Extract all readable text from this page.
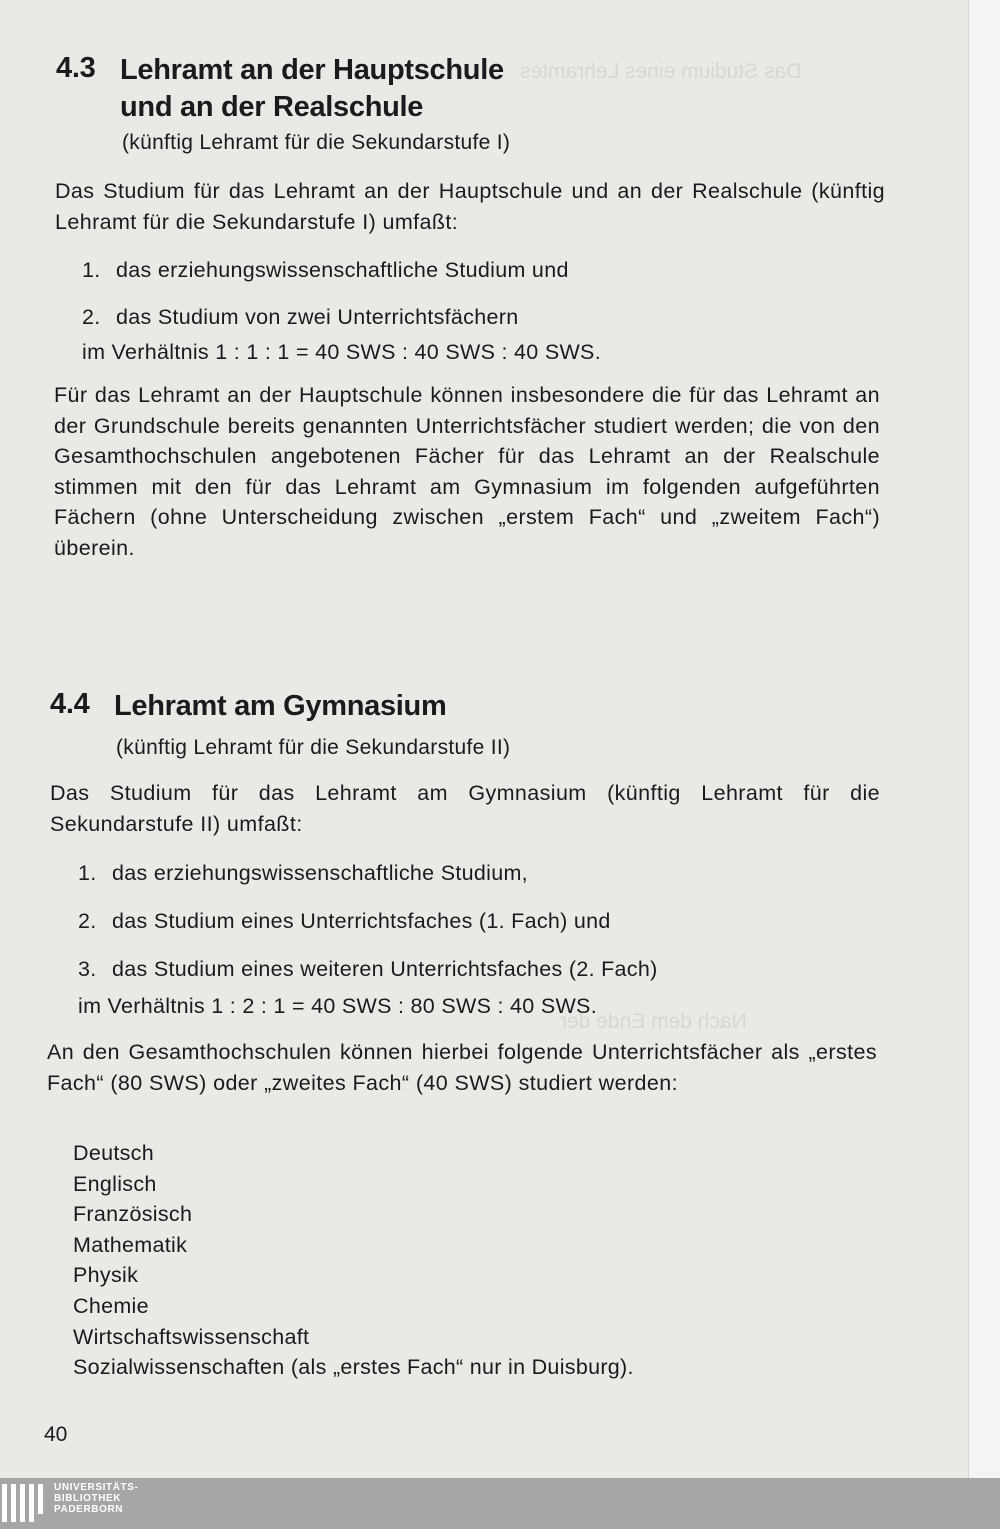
Das Studium eines Lehramtes
Nach dem Ende der
4.3 Lehramt an der Hauptschule
und an der Realschule
(künftig Lehramt für die Sekundarstufe I)
Das Studium für das Lehramt an der Hauptschule und an der Realschule (künftig Lehramt für die Sekundarstufe I) umfaßt:
1. das erziehungswissenschaftliche Studium und
2. das Studium von zwei Unterrichtsfächern
im Verhältnis 1 : 1 : 1 = 40 SWS : 40 SWS : 40 SWS.
Für das Lehramt an der Hauptschule können insbesondere die für das Lehramt an der Grundschule bereits genannten Unterrichtsfächer studiert werden; die von den Gesamthochschulen angebotenen Fächer für das Lehramt an der Realschule stimmen mit den für das Lehramt am Gymnasium im folgenden aufgeführten Fächern (ohne Unterscheidung zwischen „erstem Fach“ und „zweitem Fach“) überein.
4.4 Lehramt am Gymnasium
(künftig Lehramt für die Sekundarstufe II)
Das Studium für das Lehramt am Gymnasium (künftig Lehramt für die Sekundarstufe II) umfaßt:
1. das erziehungswissenschaftliche Studium,
2. das Studium eines Unterrichtsfaches (1. Fach) und
3. das Studium eines weiteren Unterrichtsfaches (2. Fach)
im Verhältnis 1 : 2 : 1 = 40 SWS : 80 SWS : 40 SWS.
An den Gesamthochschulen können hierbei folgende Unterrichtsfächer als „erstes Fach“ (80 SWS) oder „zweites Fach“ (40 SWS) studiert werden:
Deutsch
Englisch
Französisch
Mathematik
Physik
Chemie
Wirtschaftswissenschaft
Sozialwissenschaften (als „erstes Fach“ nur in Duisburg).
40
UNIVERSITÄTS-
BIBLIOTHEK
PADERBORN
